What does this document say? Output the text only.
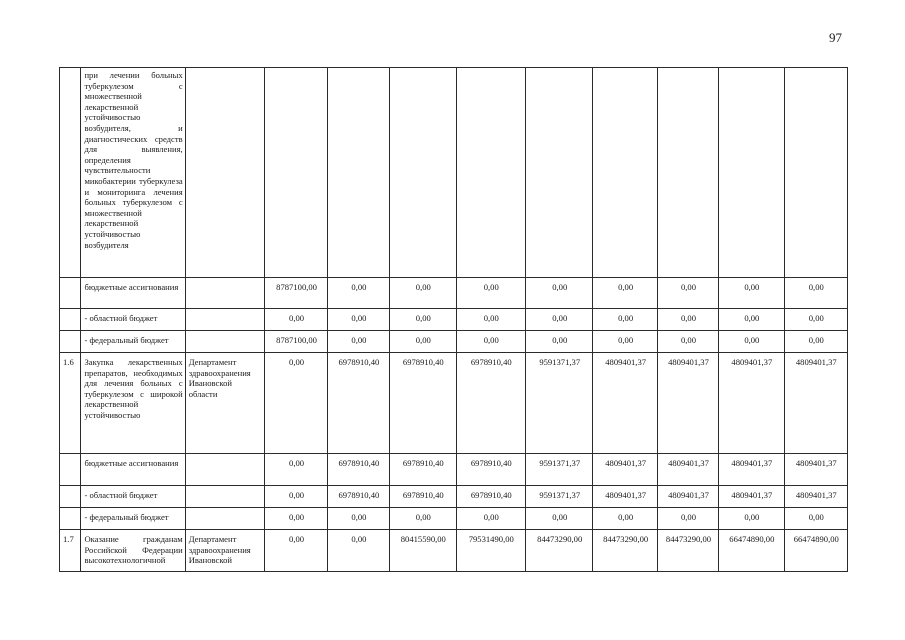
97
	при лечении больных туберкулезом с множественной лекарственной устойчивостью возбудителя, и диагностических средств для выявления, определения чувствительности микобактерии туберкулеза и мониторинга лечения больных туберкулезом с множественной лекарственной устойчивостью возбудителя										
	бюджетные ассигнования		8787100,00	0,00	0,00	0,00	0,00	0,00	0,00	0,00	0,00
	- областной бюджет		0,00	0,00	0,00	0,00	0,00	0,00	0,00	0,00	0,00
	- федеральный бюджет		8787100,00	0,00	0,00	0,00	0,00	0,00	0,00	0,00	0,00
1.6	Закупка лекарственных препаратов, необходимых для лечения больных с туберкулезом с широкой лекарственной устойчивостью	Департамент здравоохранения Ивановской области	0,00	6978910,40	6978910,40	6978910,40	9591371,37	4809401,37	4809401,37	4809401,37	4809401,37
	бюджетные ассигнования		0,00	6978910,40	6978910,40	6978910,40	9591371,37	4809401,37	4809401,37	4809401,37	4809401,37
	- областной бюджет		0,00	6978910,40	6978910,40	6978910,40	9591371,37	4809401,37	4809401,37	4809401,37	4809401,37
	- федеральный бюджет		0,00	0,00	0,00	0,00	0,00	0,00	0,00	0,00	0,00
1.7	Оказание гражданам Российской Федерации высокотехнологичной	Департамент здравоохранения Ивановской	0,00	0,00	80415590,00	79531490,00	84473290,00	84473290,00	84473290,00	66474890,00	66474890,00
